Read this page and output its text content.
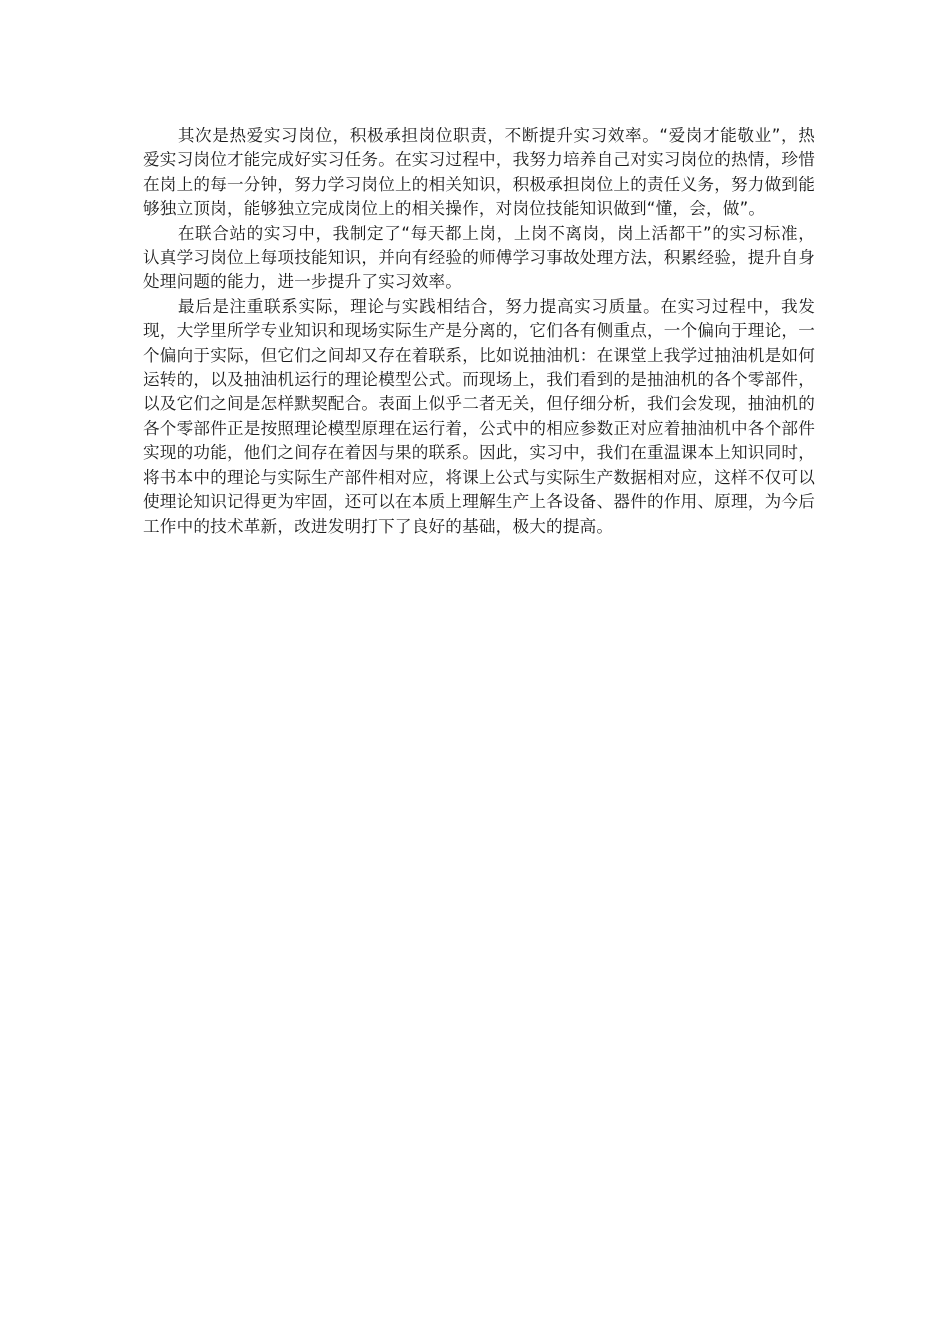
其次是热爱实习岗位，积极承担岗位职责，不断提升实习效率。“爱岗才能敬业”，热爱实习岗位才能完成好实习任务。在实习过程中，我努力培养自己对实习岗位的热情，珍惜在岗上的每一分钟，努力学习岗位上的相关知识，积极承担岗位上的责任义务，努力做到能够独立顶岗，能够独立完成岗位上的相关操作，对岗位技能知识做到“懂，会，做”。

在联合站的实习中，我制定了“每天都上岗，上岗不离岗，岗上活都干”的实习标准，认真学习岗位上每项技能知识，并向有经验的师傅学习事故处理方法，积累经验，提升自身处理问题的能力，进一步提升了实习效率。

最后是注重联系实际，理论与实践相结合，努力提高实习质量。在实习过程中，我发现，大学里所学专业知识和现场实际生产是分离的，它们各有侧重点，一个偏向于理论，一个偏向于实际，但它们之间却又存在着联系，比如说抽油机：在课堂上我学过抽油机是如何运转的，以及抽油机运行的理论模型公式。而现场上，我们看到的是抽油机的各个零部件，以及它们之间是怎样默契配合。表面上似乎二者无关，但仔细分析，我们会发现，抽油机的各个零部件正是按照理论模型原理在运行着，公式中的相应参数正对应着抽油机中各个部件实现的功能，他们之间存在着因与果的联系。因此，实习中，我们在重温课本上知识同时，将书本中的理论与实际生产部件相对应，将课上公式与实际生产数据相对应，这样不仅可以使理论知识记得更为牢固，还可以在本质上理解生产上各设备、器件的作用、原理，为今后工作中的技术革新，改进发明打下了良好的基础，极大的提高。
